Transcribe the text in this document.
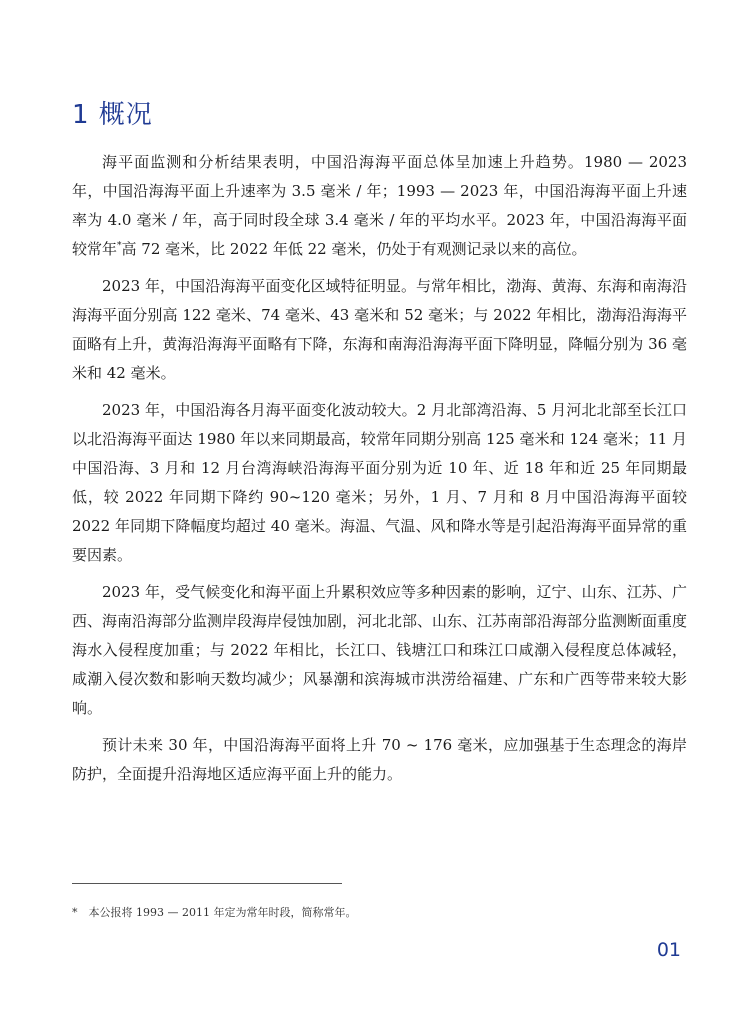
1 概况

海平面监测和分析结果表明，中国沿海海平面总体呈加速上升趋势。1980 — 2023 年，中国沿海海平面上升速率为 3.5 毫米 / 年；1993 — 2023 年，中国沿海海平面上升速率为 4.0 毫米 / 年，高于同时段全球 3.4 毫米 / 年的平均水平。2023 年，中国沿海海平面较常年*高 72 毫米，比 2022 年低 22 毫米，仍处于有观测记录以来的高位。

2023 年，中国沿海海平面变化区域特征明显。与常年相比，渤海、黄海、东海和南海沿海海平面分别高 122 毫米、74 毫米、43 毫米和 52 毫米；与 2022 年相比，渤海沿海海平面略有上升，黄海沿海海平面略有下降，东海和南海沿海海平面下降明显，降幅分别为 36 毫米和 42 毫米。

2023 年，中国沿海各月海平面变化波动较大。2 月北部湾沿海、5 月河北北部至长江口以北沿海海平面达 1980 年以来同期最高，较常年同期分别高 125 毫米和 124 毫米；11 月中国沿海、3 月和 12 月台湾海峡沿海海平面分别为近 10 年、近 18 年和近 25 年同期最低，较 2022 年同期下降约 90~120 毫米；另外，1 月、7 月和 8 月中国沿海海平面较 2022 年同期下降幅度均超过 40 毫米。海温、气温、风和降水等是引起沿海海平面异常的重要因素。

2023 年，受气候变化和海平面上升累积效应等多种因素的影响，辽宁、山东、江苏、广西、海南沿海部分监测岸段海岸侵蚀加剧，河北北部、山东、江苏南部沿海部分监测断面重度海水入侵程度加重；与 2022 年相比，长江口、钱塘江口和珠江口咸潮入侵程度总体减轻，咸潮入侵次数和影响天数均减少；风暴潮和滨海城市洪涝给福建、广东和广西等带来较大影响。

预计未来 30 年，中国沿海海平面将上升 70 ~ 176 毫米，应加强基于生态理念的海岸防护，全面提升沿海地区适应海平面上升的能力。

*　本公报将 1993 — 2011 年定为常年时段，简称常年。

01
